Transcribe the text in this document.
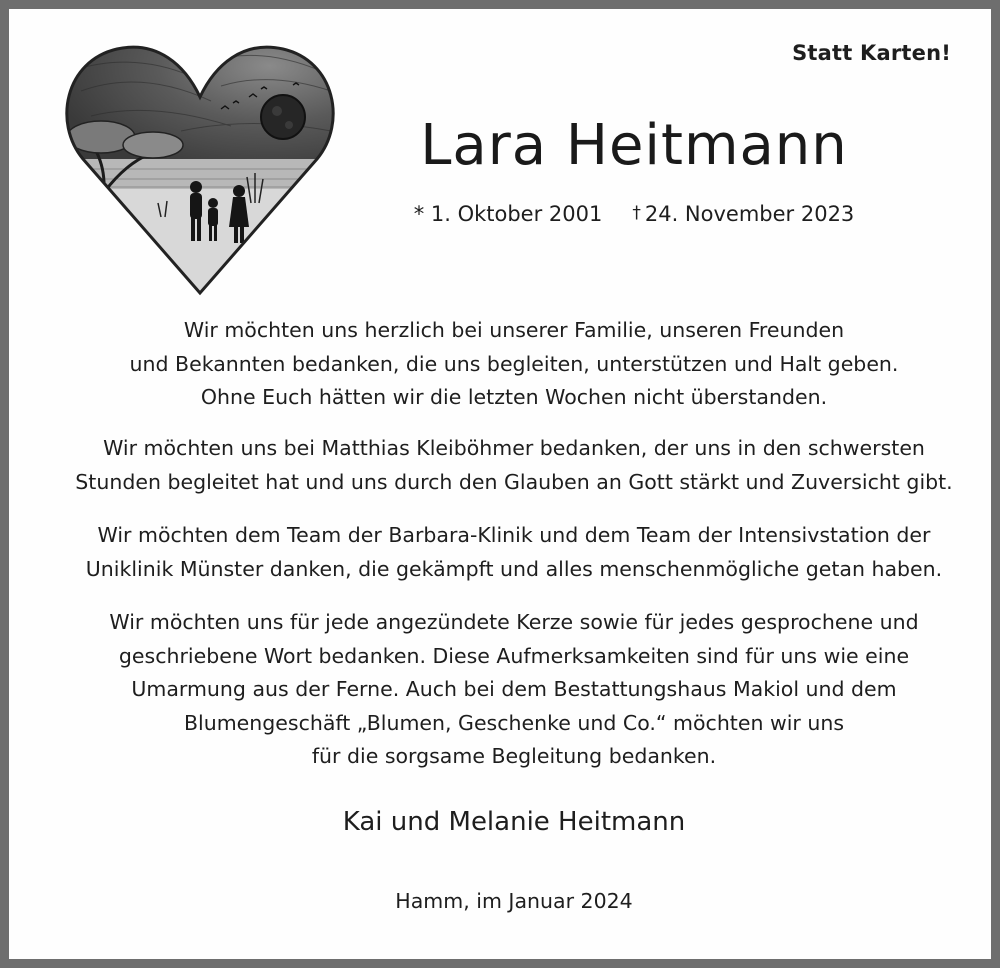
Statt Karten!
Lara Heitmann
* 1. Oktober 2001 † 24. November 2023
Wir möchten uns herzlich bei unserer Familie, unseren Freunden
und Bekannten bedanken, die uns begleiten, unterstützen und Halt geben.
Ohne Euch hätten wir die letzten Wochen nicht überstanden.
Wir möchten uns bei Matthias Kleiböhmer bedanken, der uns in den schwersten
Stunden begleitet hat und uns durch den Glauben an Gott stärkt und Zuversicht gibt.
Wir möchten dem Team der Barbara-Klinik und dem Team der Intensivstation der
Uniklinik Münster danken, die gekämpft und alles menschenmögliche getan haben.
Wir möchten uns für jede angezündete Kerze sowie für jedes gesprochene und
geschriebene Wort bedanken. Diese Aufmerksamkeiten sind für uns wie eine
Umarmung aus der Ferne. Auch bei dem Bestattungshaus Makiol und dem
Blumengeschäft „Blumen, Geschenke und Co.“ möchten wir uns
für die sorgsame Begleitung bedanken.
Kai und Melanie Heitmann
Hamm, im Januar 2024
